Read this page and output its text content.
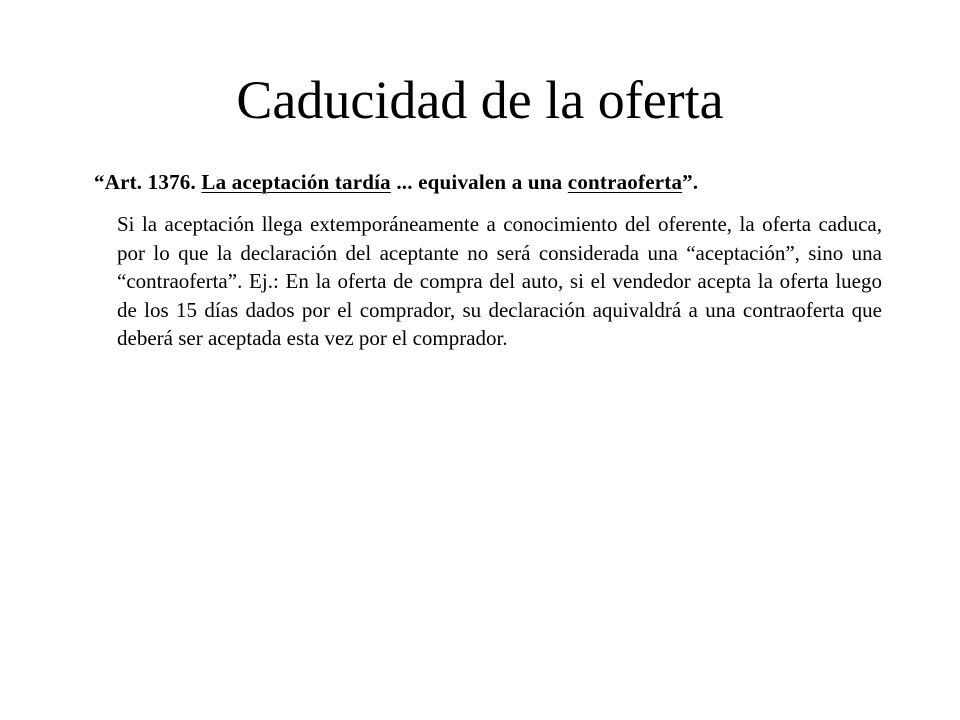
Caducidad de la oferta
“Art. 1376. La aceptación tardía ... equivalen a una contraoferta”.

Si la aceptación llega extemporáneamente a conocimiento del oferente, la oferta caduca, por lo que la declaración del aceptante no será considerada una “aceptación”, sino una “contraoferta”. Ej.: En la oferta de compra del auto, si el vendedor acepta la oferta luego de los 15 días dados por el comprador, su declaración aquivaldrá a una contraoferta que deberá ser aceptada esta vez por el comprador.
